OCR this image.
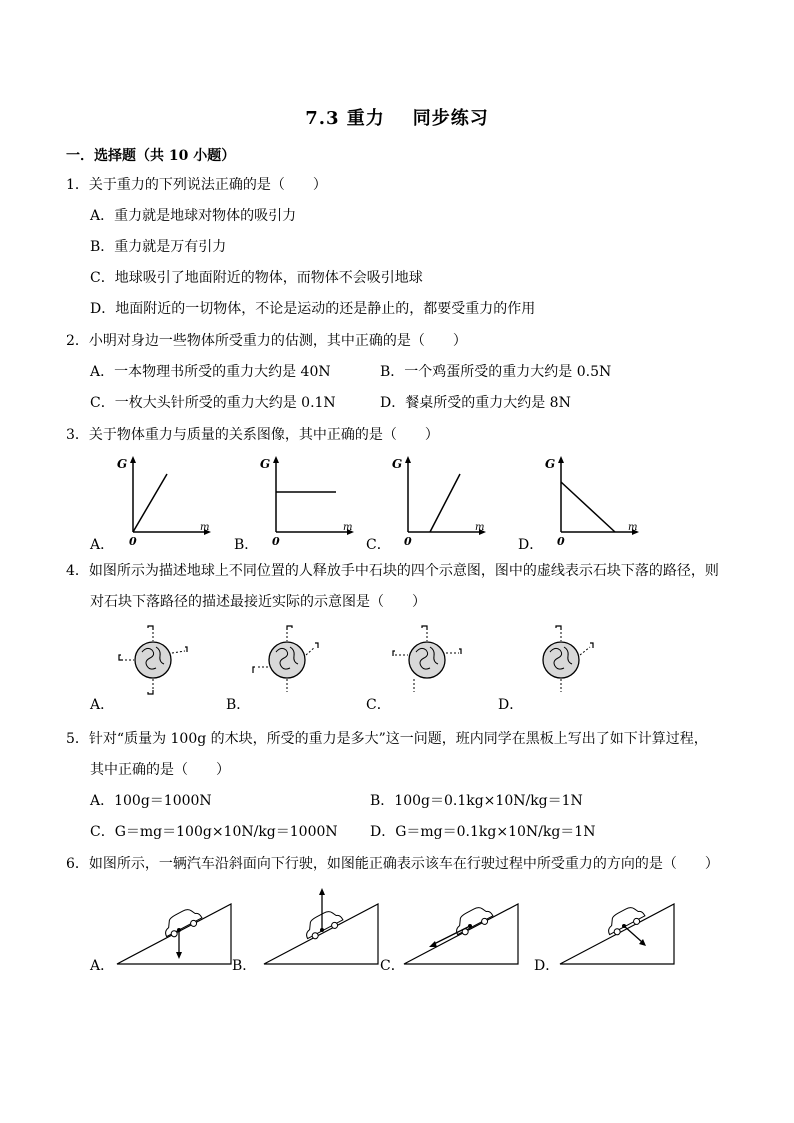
7.3 重力 同步练习
一．选择题（共 10 小题）
1．关于重力的下列说法正确的是（　　）
A．重力就是地球对物体的吸引力
B．重力就是万有引力
C．地球吸引了地面附近的物体，而物体不会吸引地球
D．地面附近的一切物体，不论是运动的还是静止的，都要受重力的作用
2．小明对身边一些物体所受重力的估测，其中正确的是（　　）
A．一本物理书所受的重力大约是 40N	B．一个鸡蛋所受的重力大约是 0.5N
C．一枚大头针所受的重力大约是 0.1N	D．餐桌所受的重力大约是 8N
3．关于物体重力与质量的关系图像，其中正确的是（　　）
A．	B．	C．	D．
G
m
0
G
m
0
G
m
0
G
m
0
4．如图所示为描述地球上不同位置的人释放手中石块的四个示意图，图中的虚线表示石块下落的路径，则
对石块下落路径的描述最接近实际的示意图是（　　）
A．	B．	C．	D．
5．针对“质量为 100g 的木块，所受的重力是多大”这一问题，班内同学在黑板上写出了如下计算过程，
其中正确的是（　　）
A．100g＝1000N	B．100g＝0.1kg×10N/kg＝1N
C．G＝mg＝100g×10N/kg＝1000N D．G＝mg＝0.1kg×10N/kg＝1N
6．如图所示，一辆汽车沿斜面向下行驶，如图能正确表示该车在行驶过程中所受重力的方向的是（　　）
A．	B．	C．	D．
